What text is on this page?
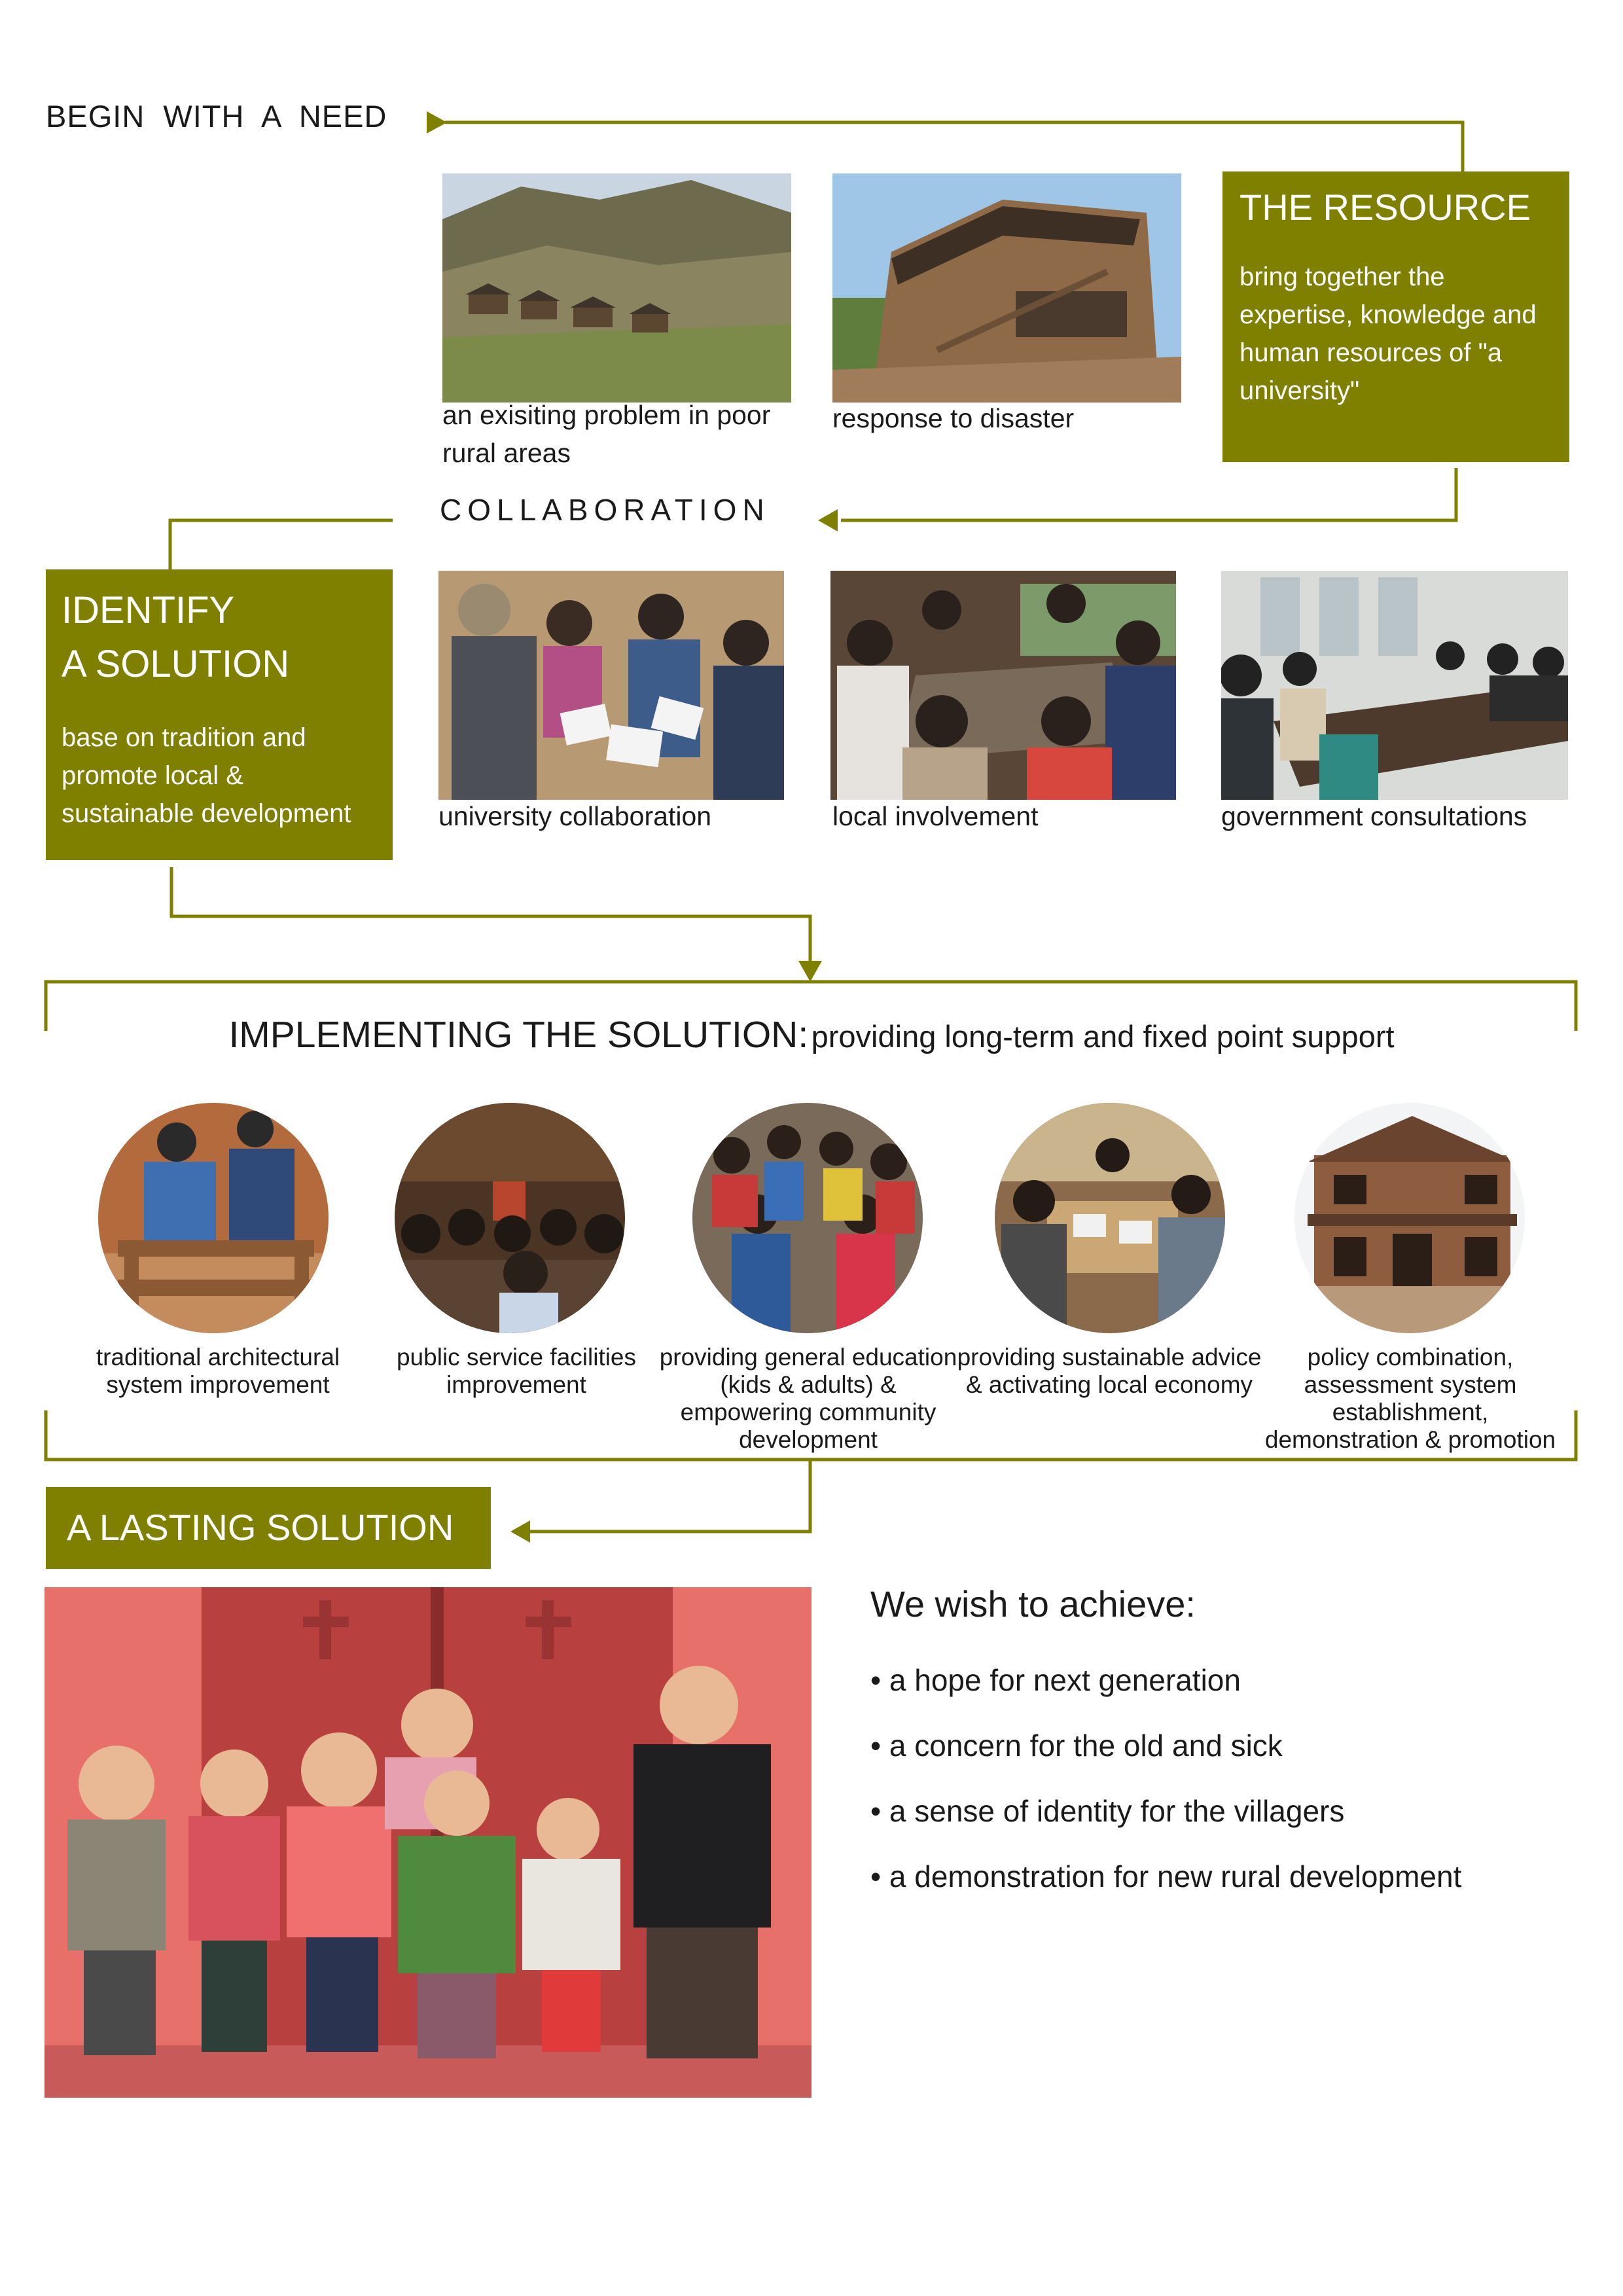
BEGIN  WITH  A  NEED
an exisiting problem in poor rural areas
response to disaster
THE RESOURCE
bring together the expertise, knowledge and human resources of "a university"
COLLABORATION
IDENTIFY
A SOLUTION
base on tradition and promote local & sustainable development	university collaboration	local involvement	government consultations
IMPLEMENTING THE SOLUTION: providing long-term and fixed point support
traditional architectural system improvement
public service facilities improvement
providing general education (kids & adults) & empowering community development
providing sustainable advice & activating local economy
policy combination, assessment system establishment, demonstration & promotion
A LASTING SOLUTION
We wish to achieve:
• a hope for next generation
• a concern for the old and sick
• a sense of identity for the villagers
• a demonstration for new rural development
